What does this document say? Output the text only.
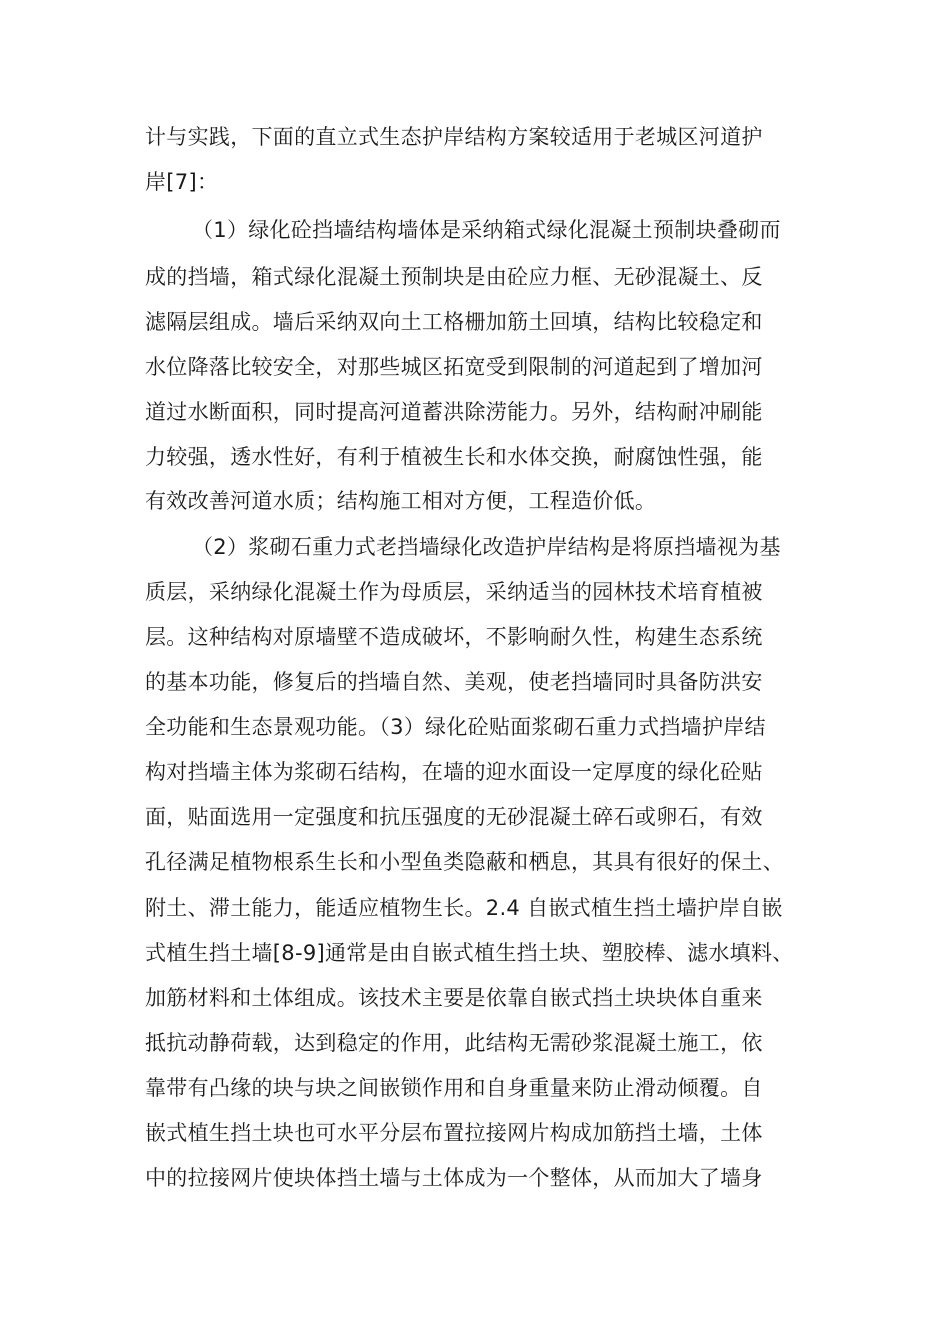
计与实践，下面的直立式生态护岸结构方案较适用于老城区河道护
岸[7]：
（1）绿化砼挡墙结构墙体是采纳箱式绿化混凝土预制块叠砌而
成的挡墙，箱式绿化混凝土预制块是由砼应力框、无砂混凝土、反
滤隔层组成。墙后采纳双向土工格栅加筋土回填，结构比较稳定和
水位降落比较安全，对那些城区拓宽受到限制的河道起到了增加河
道过水断面积，同时提高河道蓄洪除涝能力。另外，结构耐冲刷能
力较强，透水性好，有利于植被生长和水体交换，耐腐蚀性强，能
有效改善河道水质；结构施工相对方便，工程造价低。
（2）浆砌石重力式老挡墙绿化改造护岸结构是将原挡墙视为基
质层，采纳绿化混凝土作为母质层，采纳适当的园林技术培育植被
层。这种结构对原墙壁不造成破坏，不影响耐久性，构建生态系统
的基本功能，修复后的挡墙自然、美观，使老挡墙同时具备防洪安
全功能和生态景观功能。（3）绿化砼贴面浆砌石重力式挡墙护岸结
构对挡墙主体为浆砌石结构，在墙的迎水面设一定厚度的绿化砼贴
面，贴面选用一定强度和抗压强度的无砂混凝土碎石或卵石，有效
孔径满足植物根系生长和小型鱼类隐蔽和栖息，其具有很好的保土、
附土、滞土能力，能适应植物生长。2.4 自嵌式植生挡土墙护岸自嵌
式植生挡土墙[8-9]通常是由自嵌式植生挡土块、塑胶棒、滤水填料、
加筋材料和土体组成。该技术主要是依靠自嵌式挡土块块体自重来
抵抗动静荷载，达到稳定的作用，此结构无需砂浆混凝土施工，依
靠带有凸缘的块与块之间嵌锁作用和自身重量来防止滑动倾覆。自
嵌式植生挡土块也可水平分层布置拉接网片构成加筋挡土墙，土体
中的拉接网片使块体挡土墙与土体成为一个整体，从而加大了墙身
